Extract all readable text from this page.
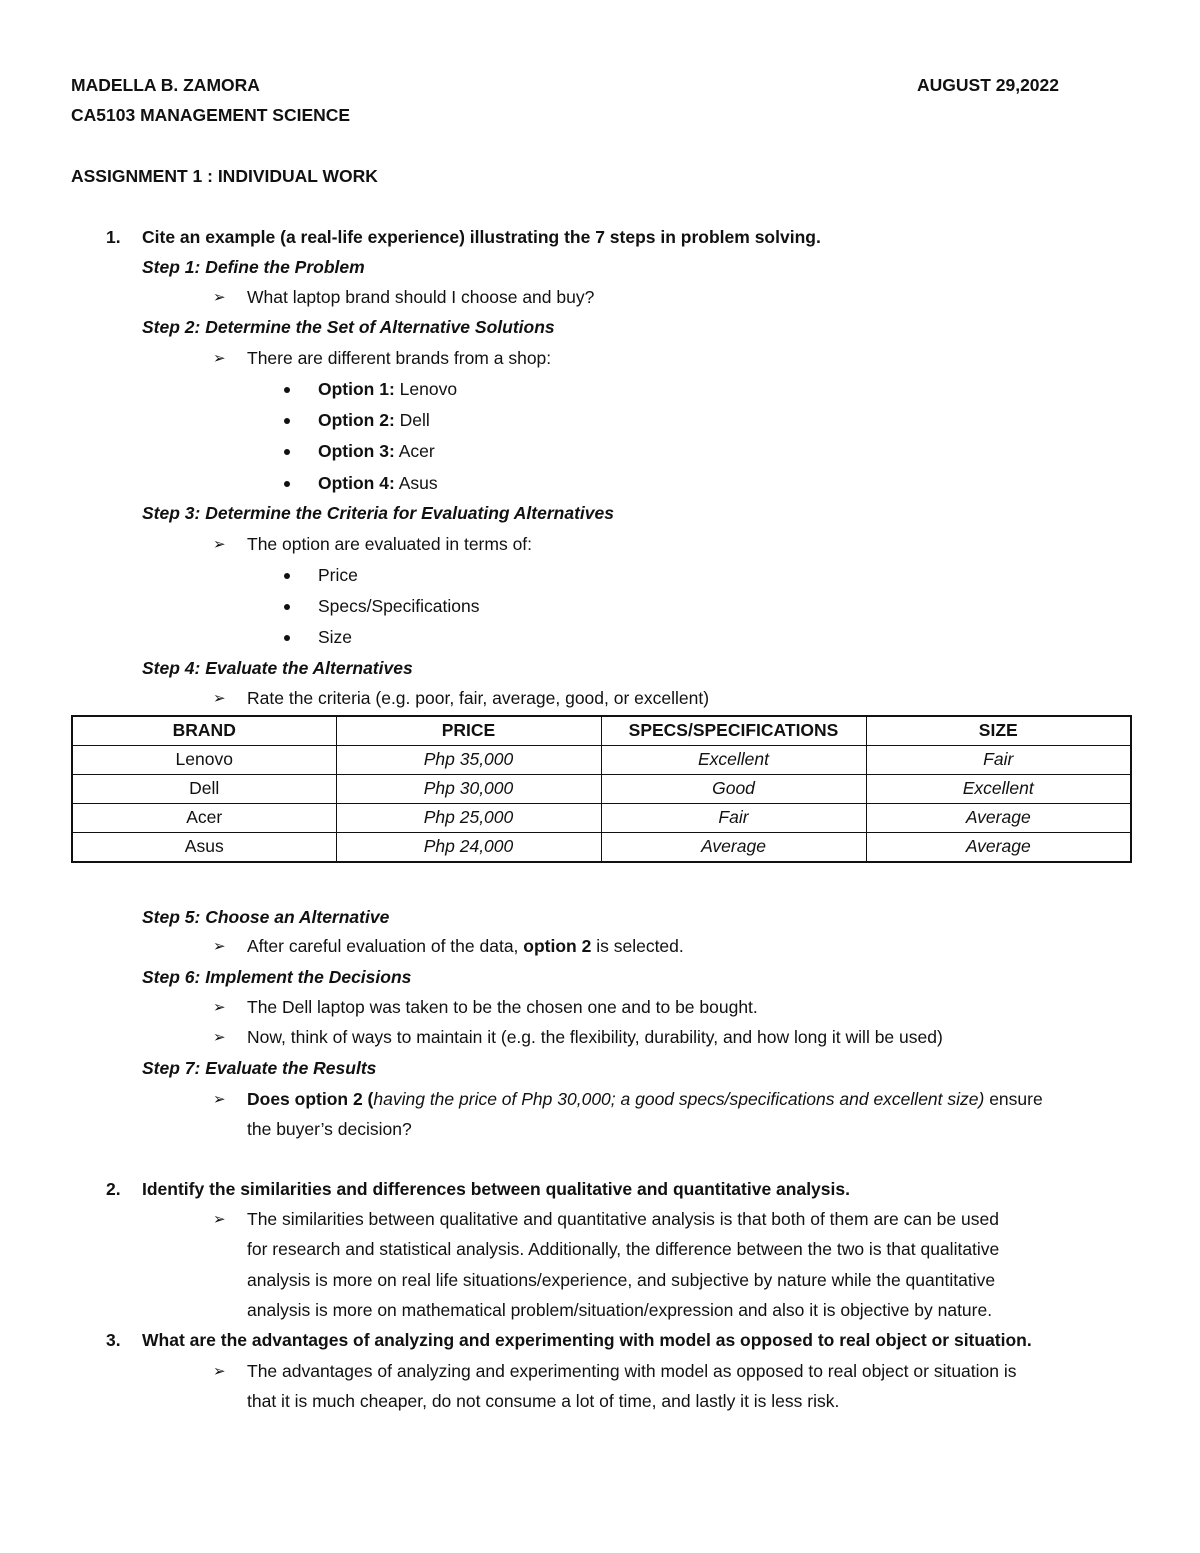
MADELLA B. ZAMORA	AUGUST 29,2022
CA5103 MANAGEMENT SCIENCE
ASSIGNMENT 1 : INDIVIDUAL WORK
1. Cite an example (a real-life experience) illustrating the 7 steps in problem solving.
Step 1: Define the Problem
➢ What laptop brand should I choose and buy?
Step 2: Determine the Set of Alternative Solutions
➢ There are different brands from a shop:
Option 1: Lenovo
Option 2: Dell
Option 3: Acer
Option 4: Asus
Step 3: Determine the Criteria for Evaluating Alternatives
➢ The option are evaluated in terms of:
Price
Specs/Specifications
Size
Step 4: Evaluate the Alternatives
➢ Rate the criteria (e.g. poor, fair, average, good, or excellent)
BRAND	PRICE	SPECS/SPECIFICATIONS	SIZE
Lenovo	Php 35,000	Excellent	Fair
Dell	Php 30,000	Good	Excellent
Acer	Php 25,000	Fair	Average
Asus	Php 24,000	Average	Average
Step 5: Choose an Alternative
➢ After careful evaluation of the data, option 2 is selected.
Step 6: Implement the Decisions
➢ The Dell laptop was taken to be the chosen one and to be bought.
➢ Now, think of ways to maintain it (e.g. the flexibility, durability, and how long it will be used)
Step 7: Evaluate the Results
➢ Does option 2 (having the price of Php 30,000; a good specs/specifications and excellent size) ensure
the buyer’s decision?
2. Identify the similarities and differences between qualitative and quantitative analysis.
➢ The similarities between qualitative and quantitative analysis is that both of them are can be used
for research and statistical analysis. Additionally, the difference between the two is that qualitative
analysis is more on real life situations/experience, and subjective by nature while the quantitative
analysis is more on mathematical problem/situation/expression and also it is objective by nature.
3. What are the advantages of analyzing and experimenting with model as opposed to real object or situation.
➢ The advantages of analyzing and experimenting with model as opposed to real object or situation is
that it is much cheaper, do not consume a lot of time, and lastly it is less risk.
